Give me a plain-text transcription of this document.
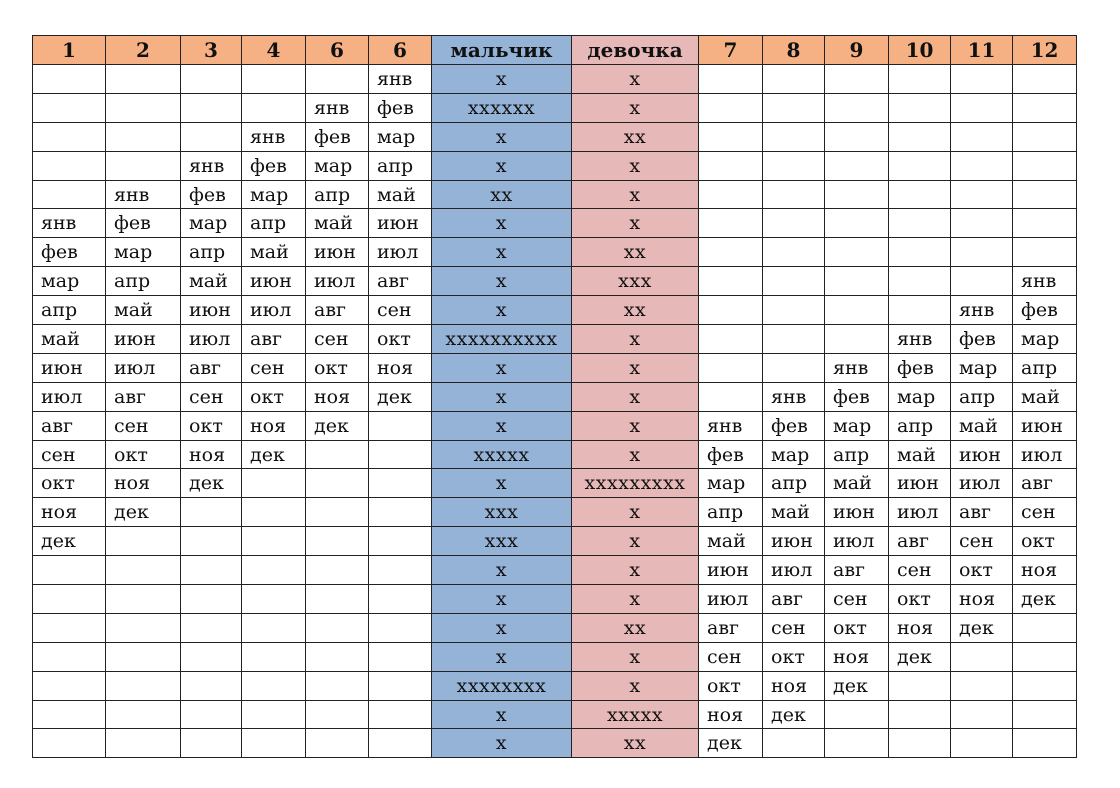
1	2	3	4	6	6	мальчик	девочка	7	8	9	10	11	12
					янв	x	x						
				янв	фев	xxxxxx	x						
			янв	фев	мар	x	xx						
		янв	фев	мар	апр	x	x						
	янв	фев	мар	апр	май	xx	x						
янв	фев	мар	апр	май	июн	x	x						
фев	мар	апр	май	июн	июл	x	xx						
мар	апр	май	июн	июл	авг	x	xxx						янв
апр	май	июн	июл	авг	сен	x	xx					янв	фев
май	июн	июл	авг	сен	окт	xxxxxxxxxx	x				янв	фев	мар
июн	июл	авг	сен	окт	ноя	x	x			янв	фев	мар	апр
июл	авг	сен	окт	ноя	дек	x	x		янв	фев	мар	апр	май
авг	сен	окт	ноя	дек		x	x	янв	фев	мар	апр	май	июн
сен	окт	ноя	дек			xxxxx	x	фев	мар	апр	май	июн	июл
окт	ноя	дек				x	xxxxxxxxx	мар	апр	май	июн	июл	авг
ноя	дек					xxx	x	апр	май	июн	июл	авг	сен
дек						xxx	x	май	июн	июл	авг	сен	окт
						x	x	июн	июл	авг	сен	окт	ноя
						x	x	июл	авг	сен	окт	ноя	дек
						x	xx	авг	сен	окт	ноя	дек	
						x	x	сен	окт	ноя	дек		
						xxxxxxxx	x	окт	ноя	дек			
						x	xxxxx	ноя	дек				
						x	xx	дек					
